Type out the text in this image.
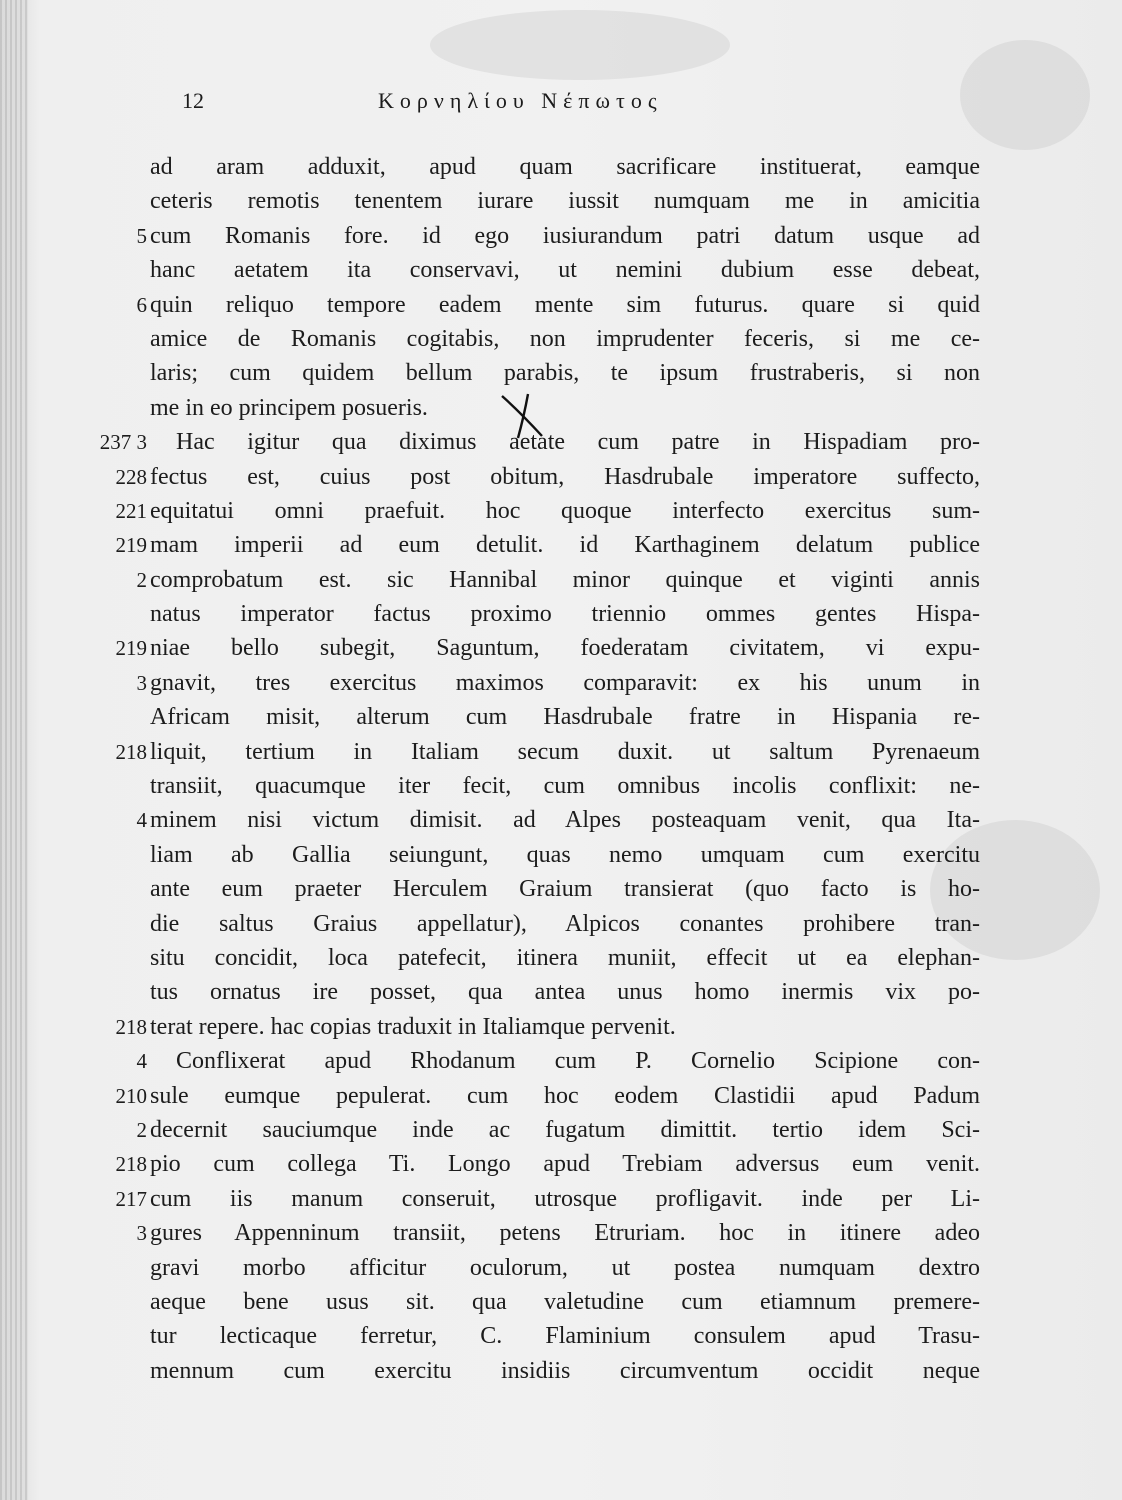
12	Κορνηλίου Νέπωτος
ad aram adduxit, apud quam sacrificare instituerat, eamque
ceteris remotis tenentem iurare iussit numquam me in amicitia
5 cum Romanis fore. id ego iusiurandum patri datum usque ad
hanc aetatem ita conservavi, ut nemini dubium esse debeat,
6 quin reliquo tempore eadem mente sim futurus. quare si quid
amice de Romanis cogitabis, non imprudenter feceris, si me ce-
laris; cum quidem bellum parabis, te ipsum frustraberis, si non
me in eo principem posueris.
237 3 Hac igitur qua diximus aetate cum patre in Hispadiam pro-
228 fectus est, cuius post obitum, Hasdrubale imperatore suffecto,
221 equitatui omni praefuit. hoc quoque interfecto exercitus sum-
219 mam imperii ad eum detulit. id Karthaginem delatum publice
2 comprobatum est. sic Hannibal minor quinque et viginti annis
natus imperator factus proximo triennio ommes gentes Hispa-
219 niae bello subegit, Saguntum, foederatam civitatem, vi expu-
3 gnavit, tres exercitus maximos comparavit: ex his unum in
Africam misit, alterum cum Hasdrubale fratre in Hispania re-
218 liquit, tertium in Italiam secum duxit. ut saltum Pyrenaeum
transiit, quacumque iter fecit, cum omnibus incolis conflixit: ne-
4 minem nisi victum dimisit. ad Alpes posteaquam venit, qua Ita-
liam ab Gallia seiungunt, quas nemo umquam cum exercitu
ante eum praeter Herculem Graium transierat (quo facto is ho-
die saltus Graius appellatur), Alpicos conantes prohibere tran-
situ concidit, loca patefecit, itinera muniit, effecit ut ea elephan-
tus ornatus ire posset, qua antea unus homo inermis vix po-
218 terat repere. hac copias traduxit in Italiamque pervenit.
4 Conflixerat apud Rhodanum cum P. Cornelio Scipione con-
210 sule eumque pepulerat. cum hoc eodem Clastidii apud Padum
2 decernit sauciumque inde ac fugatum dimittit. tertio idem Sci-
218 pio cum collega Ti. Longo apud Trebiam adversus eum venit.
217 cum iis manum conseruit, utrosque profligavit. inde per Li-
3 gures Appenninum transiit, petens Etruriam. hoc in itinere adeo
gravi morbo afficitur oculorum, ut postea numquam dextro
aeque bene usus sit. qua valetudine cum etiamnum premere-
tur lecticaque ferretur, C. Flaminium consulem apud Trasu-
mennum cum exercitu insidiis circumventum occidit neque
